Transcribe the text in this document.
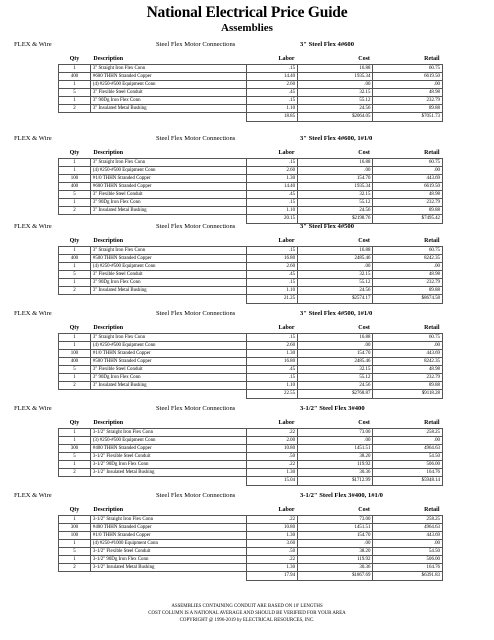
National Electrical Price Guide
Assemblies
FLEX & Wire	Steel Flex Motor Connections	3" Steel Flex 4#600
Qty	Description	Labor	Cost	Retail
1	3" Straight Iron Flex Conn	.15	16.88	60.75
400	#600 THHN Stranded Copper	14.40	1935.34	6619.50
1	(4) #250-#500 Equipment Conn	2.60	.00	.00
5	3" Flexible Steel Conduit	.45	32.15	48.98
1	3" 90Dg Iron Flex Conn	.15	55.12	232.79
2	3" Insulated Metal Bushing	1.10	24.56	89.88
		18.85	$2064.05	$7051.73
FLEX & Wire	Steel Flex Motor Connections	3" Steel Flex 4#600, 1#1/0
Qty	Description	Labor	Cost	Retail
1	3" Straight Iron Flex Conn	.15	16.88	60.75
1	(4) #250-#500 Equipment Conn	2.60	.00	.00
100	#1/0 THHN Stranded Copper	1.30	154.70	443.69
400	#600 THHN Stranded Copper	14.40	1935.34	6619.50
5	3" Flexible Steel Conduit	.45	32.15	48.98
1	3" 90Dg Iron Flex Conn	.15	55.12	232.79
2	3" Insulated Metal Bushing	1.10	24.56	89.88
		20.15	$2198.76	$7495.42
FLEX & Wire	Steel Flex Motor Connections	3" Steel Flex 4#500
Qty	Description	Labor	Cost	Retail
1	3" Straight Iron Flex Conn	.15	16.88	60.75
400	#500 THHN Stranded Copper	16.80	2485.46	8242.35
1	(4) #250-#500 Equipment Conn	2.60	.00	.00
5	3" Flexible Steel Conduit	.45	32.15	48.98
1	3" 90Dg Iron Flex Conn	.15	55.12	232.79
2	3" Insulated Metal Bushing	1.10	24.56	89.88
		21.25	$2574.17	$8674.58
FLEX & Wire	Steel Flex Motor Connections	3" Steel Flex 4#500, 1#1/0
Qty	Description	Labor	Cost	Retail
1	3" Straight Iron Flex Conn	.15	16.88	60.75
1	(4) #250-#500 Equipment Conn	2.60	.00	.00
100	#1/0 THHN Stranded Copper	1.30	154.70	443.69
400	#500 THHN Stranded Copper	16.80	2485.46	8242.35
5	3" Flexible Steel Conduit	.45	32.15	48.98
1	3" 90Dg Iron Flex Conn	.15	55.12	232.79
2	3" Insulated Metal Bushing	1.10	24.56	89.88
		22.55	$2768.87	$9118.28
FLEX & Wire	Steel Flex Motor Connections	3-1/2" Steel Flex 3#400
Qty	Description	Labor	Cost	Retail
1	3-1/2" Straight Iron Flex Conn	.22	73.00	258.25
1	(3) #250-#500 Equipment Conn	2.00	.00	.00
300	#400 THHN Stranded Copper	10.80	1451.51	4964.63
5	3-1/2" Flexible Steel Conduit	.50	38.20	54.50
1	3-1/2" 90Dg Iron Flex Conn	.22	119.92	506.00
2	3-1/2" Insulated Metal Bushing	1.30	30.36	164.76
		15.04	$1712.99	$5948.14
FLEX & Wire	Steel Flex Motor Connections	3-1/2" Steel Flex 3#400, 1#1/0
Qty	Description	Labor	Cost	Retail
1	3-1/2" Straight Iron Flex Conn	.22	73.00	258.25
300	#400 THHN Stranded Copper	10.80	1451.51	4964.63
100	#1/0 THHN Stranded Copper	1.30	154.70	443.69
1	(4) #250-#1000 Equipment Conn	3.60	.00	.00
5	3-1/2" Flexible Steel Conduit	.50	38.20	54.50
1	3-1/2" 90Dg Iron Flex Conn	.22	119.92	506.00
2	3-1/2" Insulated Metal Bushing	1.30	30.36	164.76
		17.94	$1867.69	$6391.83
ASSEMBLIES CONTAINING CONDUIT ARE BASED ON 10' LENGTHS
COST COLUMN IS A NATIONAL AVERAGE AND SHOULD BE VERIFIED FOR YOUR AREA
COPYRIGHT @ 1996-2019 by ELECTRICAL RESOURCES, INC.
